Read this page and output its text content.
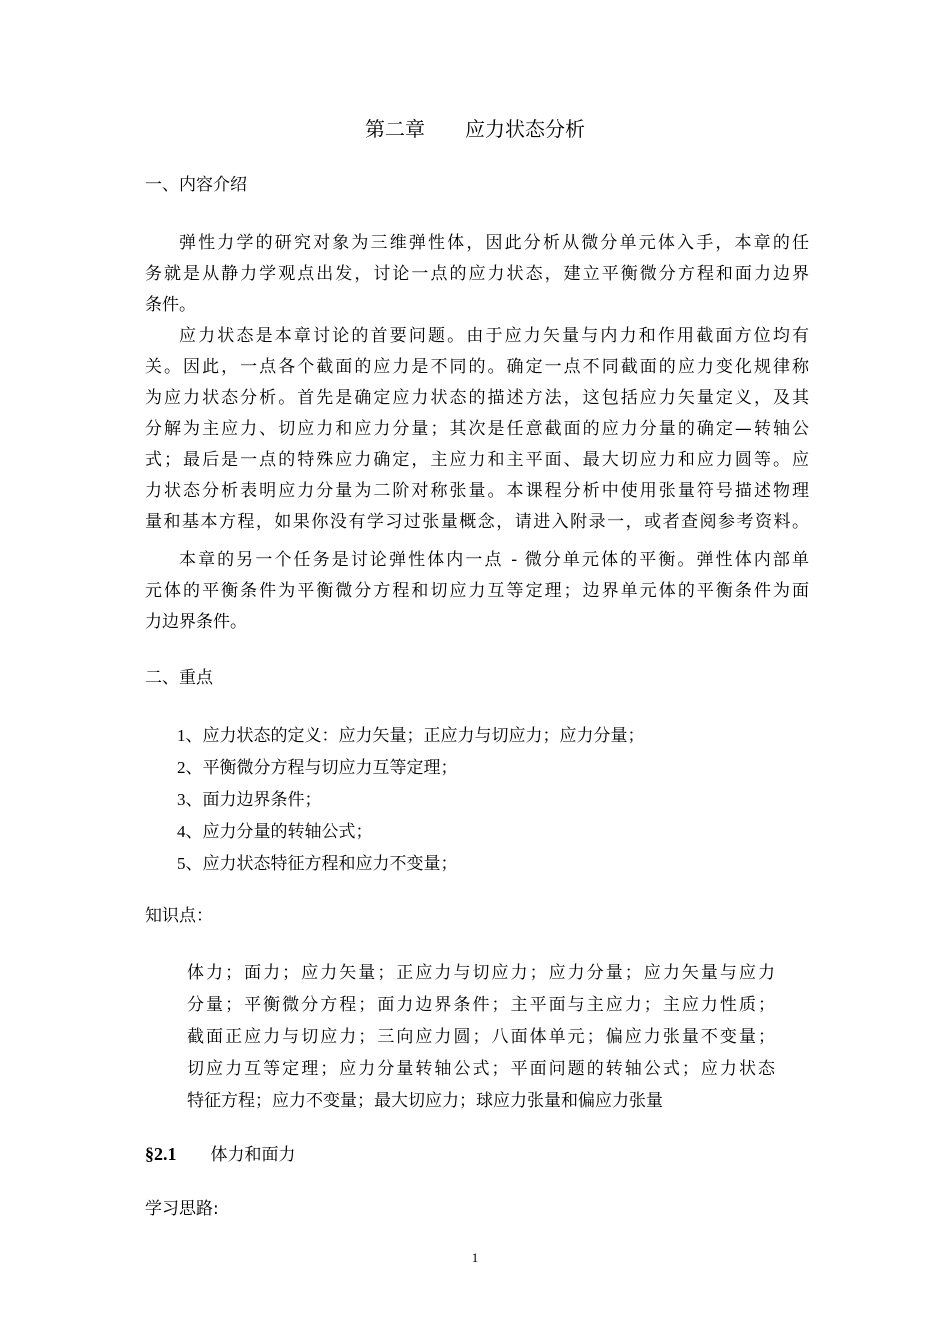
第二章　　应力状态分析
一、内容介绍
弹性力学的研究对象为三维弹性体，因此分析从微分单元体入手，本章的任
务就是从静力学观点出发，讨论一点的应力状态，建立平衡微分方程和面力边界
条件。
应力状态是本章讨论的首要问题。由于应力矢量与内力和作用截面方位均有
关。因此，一点各个截面的应力是不同的。确定一点不同截面的应力变化规律称
为应力状态分析。首先是确定应力状态的描述方法，这包括应力矢量定义，及其
分解为主应力、切应力和应力分量；其次是任意截面的应力分量的确定—转轴公
式；最后是一点的特殊应力确定，主应力和主平面、最大切应力和应力圆等。应
力状态分析表明应力分量为二阶对称张量。本课程分析中使用张量符号描述物理
量和基本方程，如果你没有学习过张量概念，请进入附录一，或者查阅参考资料。
本章的另一个任务是讨论弹性体内一点 - 微分单元体的平衡。弹性体内部单
元体的平衡条件为平衡微分方程和切应力互等定理；边界单元体的平衡条件为面
力边界条件。
二、重点
1、应力状态的定义：应力矢量；正应力与切应力；应力分量；
2、平衡微分方程与切应力互等定理；
3、面力边界条件；
4、应力分量的转轴公式；
5、应力状态特征方程和应力不变量；
知识点：
体力；面力；应力矢量；正应力与切应力；应力分量；应力矢量与应力
分量；平衡微分方程；面力边界条件；主平面与主应力；主应力性质；
截面正应力与切应力；三向应力圆；八面体单元；偏应力张量不变量；
切应力互等定理；应力分量转轴公式；平面问题的转轴公式；应力状态
特征方程；应力不变量；最大切应力；球应力张量和偏应力张量
§2.1 体力和面力
学习思路:
1
